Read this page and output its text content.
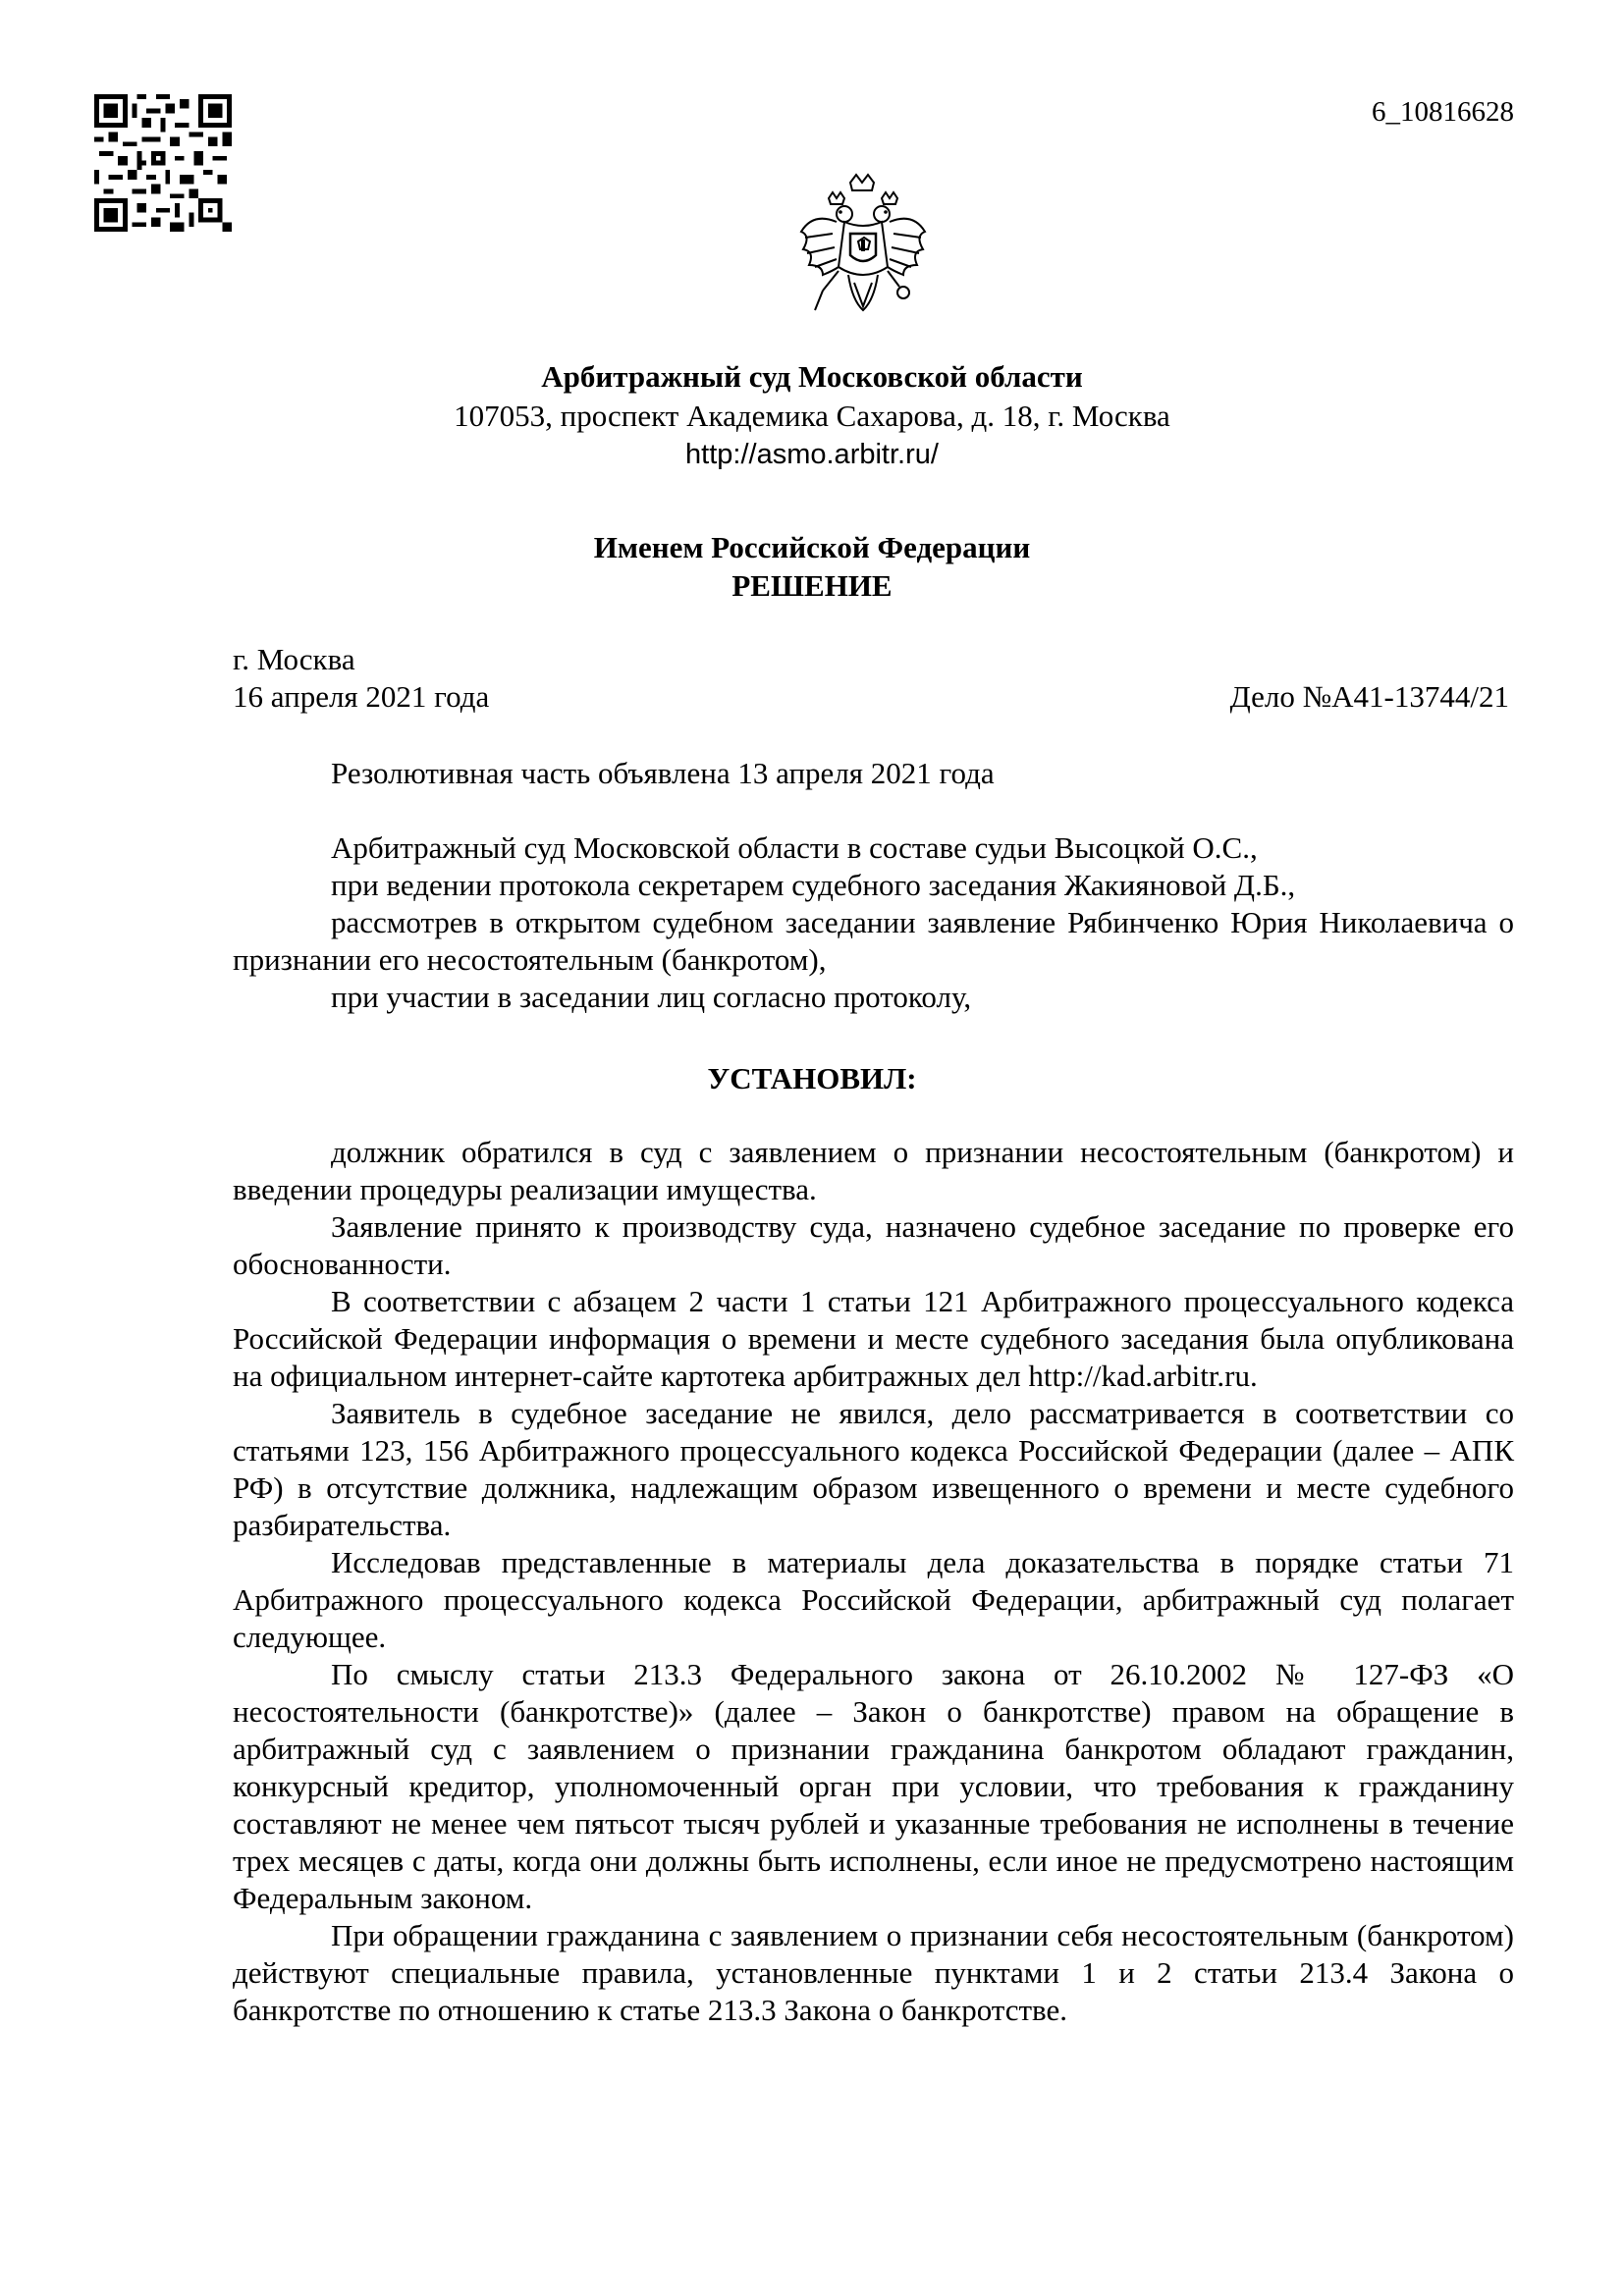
6_10816628
Арбитражный суд Московской области
107053, проспект Академика Сахарова, д. 18, г. Москва
http://asmo.arbitr.ru/
Именем Российской Федерации
РЕШЕНИЕ
г. Москва
16 апреля 2021 года	Дело №А41-13744/21
Резолютивная часть объявлена 13 апреля 2021 года

Арбитражный суд Московской области в составе судьи Высоцкой О.С.,

при ведении протокола секретарем судебного заседания Жакияновой Д.Б.,

рассмотрев в открытом судебном заседании заявление Рябинченко Юрия Николаевича о признании его несостоятельным (банкротом),

при участии в заседании лиц согласно протоколу,

УСТАНОВИЛ:

должник обратился в суд с заявлением о признании несостоятельным (банкротом) и введении процедуры реализации имущества.

Заявление принято к производству суда, назначено судебное заседание по проверке его обоснованности.

В соответствии с абзацем 2 части 1 статьи 121 Арбитражного процессуального кодекса Российской Федерации информация о времени и месте судебного заседания была опубликована на официальном интернет-сайте картотека арбитражных дел http://kad.arbitr.ru.

Заявитель в судебное заседание не явился, дело рассматривается в соответствии со статьями 123, 156 Арбитражного процессуального кодекса Российской Федерации (далее – АПК РФ) в отсутствие должника, надлежащим образом извещенного о времени и месте судебного разбирательства.

Исследовав представленные в материалы дела доказательства в порядке статьи 71 Арбитражного процессуального кодекса Российской Федерации, арбитражный суд полагает следующее.

По смыслу статьи 213.3 Федерального закона от 26.10.2002 № 127-ФЗ «О несостоятельности (банкротстве)» (далее – Закон о банкротстве) правом на обращение в арбитражный суд с заявлением о признании гражданина банкротом обладают гражданин, конкурсный кредитор, уполномоченный орган при условии, что требования к гражданину составляют не менее чем пятьсот тысяч рублей и указанные требования не исполнены в течение трех месяцев с даты, когда они должны быть исполнены, если иное не предусмотрено настоящим Федеральным законом.

При обращении гражданина с заявлением о признании себя несостоятельным (банкротом) действуют специальные правила, установленные пунктами 1 и 2 статьи 213.4 Закона о банкротстве по отношению к статье 213.3 Закона о банкротстве.
